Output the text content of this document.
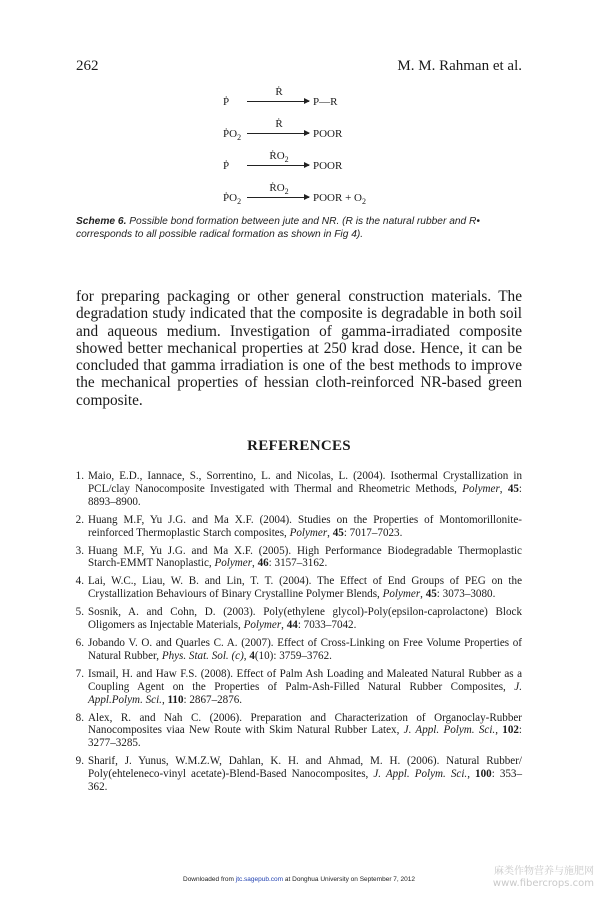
262	M. M. Rahman et al.
Ṗ
Ṙ
P—R
ṖO$_2$
Ṙ
POOR
Ṗ
ṘO$_2$
POOR
ṖO$_2$
ṘO$_2$
POOR + $O_2$
Scheme 6. Possible bond formation between jute and NR. (R is the natural rubber and R• corresponds to all possible radical formation as shown in Fig 4).
for preparing packaging or other general construction materials. The degradation study indicated that the composite is degradable in both soil and aqueous medium. Investigation of gamma-irradiated composite showed better mechanical properties at 250 krad dose. Hence, it can be concluded that gamma irradiation is one of the best methods to improve the mechanical properties of hessian cloth-reinforced NR-based green composite.
REFERENCES
1. Maio, E.D., Iannace, S., Sorrentino, L. and Nicolas, L. (2004). Isothermal Crystallization in PCL/clay Nanocomposite Investigated with Thermal and Rheometric Methods, Polymer, 45: 8893–8900.
2. Huang M.F, Yu J.G. and Ma X.F. (2004). Studies on the Properties of Montomorillonite-reinforced Thermoplastic Starch composites, Polymer, 45: 7017–7023.
3. Huang M.F, Yu J.G. and Ma X.F. (2005). High Performance Biodegradable Thermoplastic Starch-EMMT Nanoplastic, Polymer, 46: 3157–3162.
4. Lai, W.C., Liau, W. B. and Lin, T. T. (2004). The Effect of End Groups of PEG on the Crystallization Behaviours of Binary Crystalline Polymer Blends, Polymer, 45: 3073–3080.
5. Sosnik, A. and Cohn, D. (2003). Poly(ethylene glycol)-Poly(epsilon-caprolactone) Block Oligomers as Injectable Materials, Polymer, 44: 7033–7042.
6. Jobando V. O. and Quarles C. A. (2007). Effect of Cross-Linking on Free Volume Properties of Natural Rubber, Phys. Stat. Sol. (c), 4(10): 3759–3762.
7. Ismail, H. and Haw F.S. (2008). Effect of Palm Ash Loading and Maleated Natural Rubber as a Coupling Agent on the Properties of Palm-Ash-Filled Natural Rubber Composites, J. Appl.Polym. Sci., 110: 2867–2876.
8. Alex, R. and Nah C. (2006). Preparation and Characterization of Organoclay-Rubber Nanocomposites viaa New Route with Skim Natural Rubber Latex, J. Appl. Polym. Sci., 102: 3277–3285.
9. Sharif, J. Yunus, W.M.Z.W, Dahlan, K. H. and Ahmad, M. H. (2006). Natural Rubber/ Poly(ehteleneco-vinyl acetate)-Blend-Based Nanocomposites, J. Appl. Polym. Sci., 100: 353–362.
Downloaded from jtc.sagepub.com at Donghua University on September 7, 2012
麻类作物营养与施肥网
www.fibercrops.com
